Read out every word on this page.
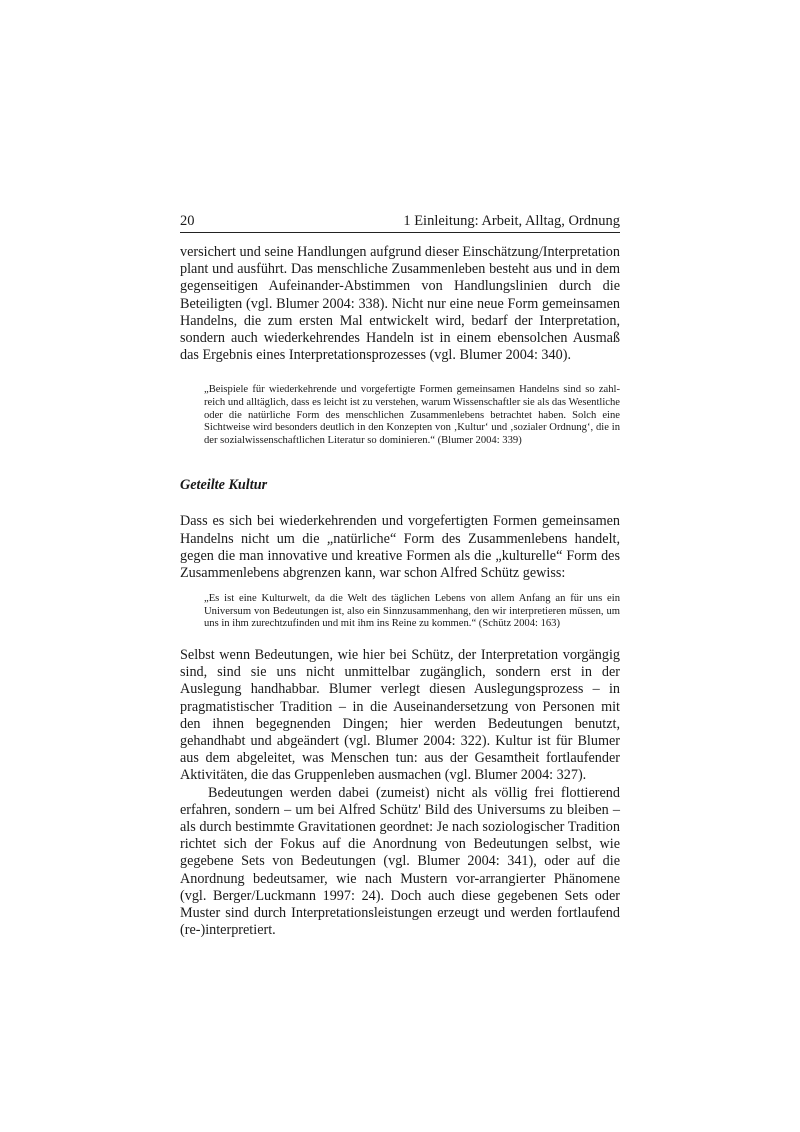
20	1 Einleitung: Arbeit, Alltag, Ordnung

versichert und seine Handlungen aufgrund dieser Einschätzung/Interpretation plant und ausführt. Das menschliche Zusammenleben besteht aus und in dem gegenseitigen Aufeinander-Abstimmen von Handlungslinien durch die Beteiligten (vgl. Blumer 2004: 338). Nicht nur eine neue Form gemeinsamen Handelns, die zum ersten Mal entwickelt wird, bedarf der Interpretation, sondern auch wiederkehrendes Handeln ist in einem ebensolchen Ausmaß das Ergebnis eines Interpretationsprozesses (vgl. Blumer 2004: 340).

„Beispiele für wiederkehrende und vorgefertigte Formen gemeinsamen Handelns sind so zahlreich und alltäglich, dass es leicht ist zu verstehen, warum Wissenschaftler sie als das Wesentliche oder die natürliche Form des menschlichen Zusammenlebens betrachtet haben. Solch eine Sichtweise wird besonders deutlich in den Konzepten von ‚Kultur‘ und ‚sozialer Ordnung‘, die in der sozialwissenschaftlichen Literatur so dominieren.“ (Blumer 2004: 339)

Geteilte Kultur

Dass es sich bei wiederkehrenden und vorgefertigten Formen gemeinsamen Handelns nicht um die „natürliche“ Form des Zusammenlebens handelt, gegen die man innovative und kreative Formen als die „kulturelle“ Form des Zusammenlebens abgrenzen kann, war schon Alfred Schütz gewiss:

„Es ist eine Kulturwelt, da die Welt des täglichen Lebens von allem Anfang an für uns ein Universum von Bedeutungen ist, also ein Sinnzusammenhang, den wir interpretieren müssen, um uns in ihm zurechtzufinden und mit ihm ins Reine zu kommen.“ (Schütz 2004: 163)

Selbst wenn Bedeutungen, wie hier bei Schütz, der Interpretation vorgängig sind, sind sie uns nicht unmittelbar zugänglich, sondern erst in der Auslegung handhabbar. Blumer verlegt diesen Auslegungsprozess – in pragmatistischer Tradition – in die Auseinandersetzung von Personen mit den ihnen begegnenden Dingen; hier werden Bedeutungen benutzt, gehandhabt und abgeändert (vgl. Blumer 2004: 322). Kultur ist für Blumer aus dem abgeleitet, was Menschen tun: aus der Gesamtheit fortlaufender Aktivitäten, die das Gruppenleben ausmachen (vgl. Blumer 2004: 327).

Bedeutungen werden dabei (zumeist) nicht als völlig frei flottierend erfahren, sondern – um bei Alfred Schütz' Bild des Universums zu bleiben – als durch bestimmte Gravitationen geordnet: Je nach soziologischer Tradition richtet sich der Fokus auf die Anordnung von Bedeutungen selbst, wie gegebene Sets von Bedeutungen (vgl. Blumer 2004: 341), oder auf die Anordnung bedeutsamer, wie nach Mustern vor-arrangierter Phänomene (vgl. Berger/Luckmann 1997: 24). Doch auch diese gegebenen Sets oder Muster sind durch Interpretationsleistungen erzeugt und werden fortlaufend (re-)interpretiert.
